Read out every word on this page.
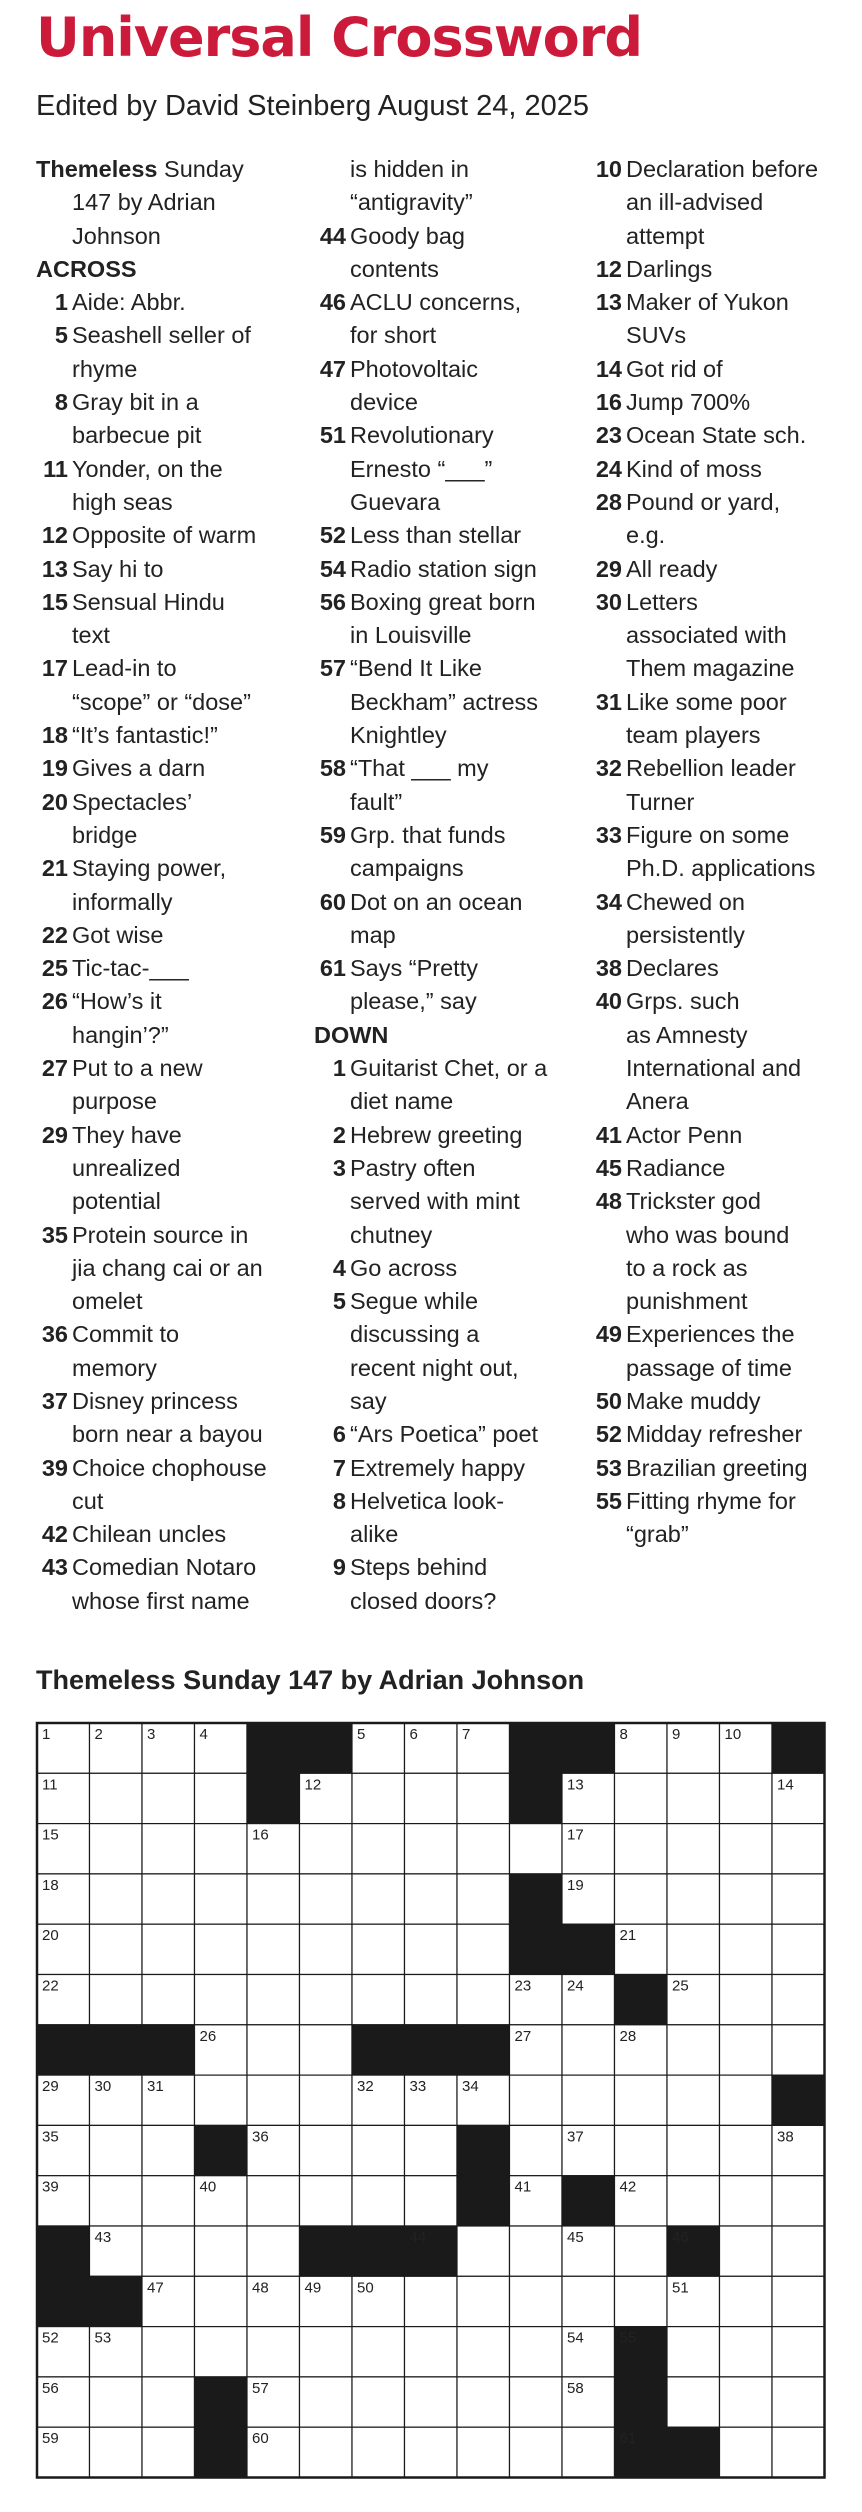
Universal Crossword
Edited by David Steinberg August 24, 2025
Themeless Sunday
147 by Adrian
Johnson
ACROSS
1 Aide: Abbr.
5 Seashell seller of
rhyme
8 Gray bit in a
barbecue pit
11 Yonder, on the
high seas
12 Opposite of warm
13 Say hi to
15 Sensual Hindu
text
17 Lead-in to
“scope” or “dose”
18 “It’s fantastic!”
19 Gives a darn
20 Spectacles’
bridge
21 Staying power,
informally
22 Got wise
25 Tic-tac-___
26 “How’s it
hangin’?”
27 Put to a new
purpose
29 They have
unrealized
potential
35 Protein source in
jia chang cai or an
omelet
36 Commit to
memory
37 Disney princess
born near a bayou
39 Choice chophouse
cut
42 Chilean uncles
43 Comedian Notaro
whose first name
is hidden in
“antigravity”
44 Goody bag
contents
46 ACLU concerns,
for short
47 Photovoltaic
device
51 Revolutionary
Ernesto “___”
Guevara
52 Less than stellar
54 Radio station sign
56 Boxing great born
in Louisville
57 “Bend It Like
Beckham” actress
Knightley
58 “That ___ my
fault”
59 Grp. that funds
campaigns
60 Dot on an ocean
map
61 Says “Pretty
please,” say
DOWN
1 Guitarist Chet, or a
diet name
2 Hebrew greeting
3 Pastry often
served with mint
chutney
4 Go across
5 Segue while
discussing a
recent night out,
say
6 “Ars Poetica” poet
7 Extremely happy
8 Helvetica look-
alike
9 Steps behind
closed doors?
10 Declaration before
an ill-advised
attempt
12 Darlings
13 Maker of Yukon
SUVs
14 Got rid of
16 Jump 700%
23 Ocean State sch.
24 Kind of moss
28 Pound or yard,
e.g.
29 All ready
30 Letters
associated with
Them magazine
31 Like some poor
team players
32 Rebellion leader
Turner
33 Figure on some
Ph.D. applications
34 Chewed on
persistently
38 Declares
40 Grps. such
as Amnesty
International and
Anera
41 Actor Penn
45 Radiance
48 Trickster god
who was bound
to a rock as
punishment
49 Experiences the
passage of time
50 Make muddy
52 Midday refresher
53 Brazilian greeting
55 Fitting rhyme for
“grab”
Themeless Sunday 147 by Adrian Johnson
1	2	3	4	5	6	7	8	9	10
11	12	13	14
15	16	17
18	19
20	21
22	23 24	25
26	27	28
29 30 31	32 33 34
35	36	37	38
39	40	41	42
43	44	45	46
47	48 49 50	51
52 53	54 55
56	57	58
59	60	61
